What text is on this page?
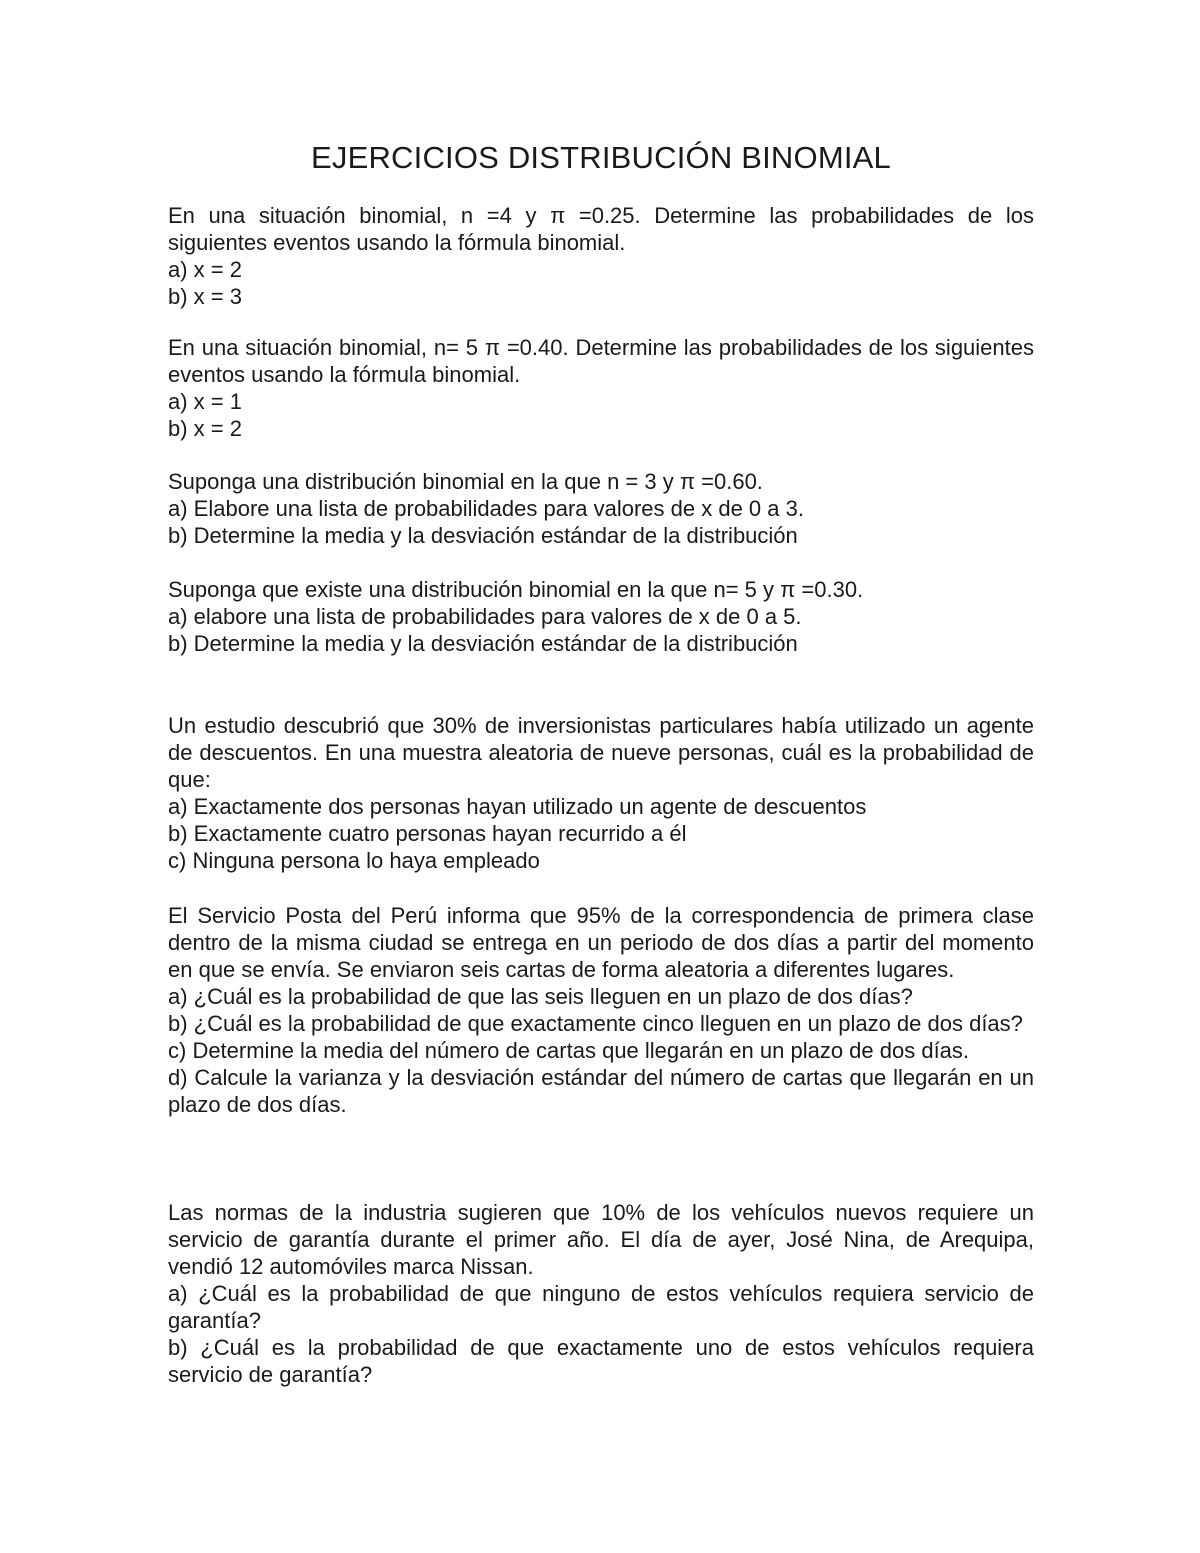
EJERCICIOS DISTRIBUCIÓN BINOMIAL

En una situación binomial, n =4 y π =0.25. Determine las probabilidades de los siguientes eventos usando la fórmula binomial.

a) x = 2

b) x = 3

En una situación binomial, n= 5 π =0.40. Determine las probabilidades de los siguientes eventos usando la fórmula binomial.

a) x = 1

b) x = 2

Suponga una distribución binomial en la que n = 3 y π =0.60.

a) Elabore una lista de probabilidades para valores de x de 0 a 3.

b) Determine la media y la desviación estándar de la distribución

Suponga que existe una distribución binomial en la que n= 5 y π =0.30.

a) elabore una lista de probabilidades para valores de x de 0 a 5.

b) Determine la media y la desviación estándar de la distribución

Un estudio descubrió que 30% de inversionistas particulares había utilizado un agente de descuentos. En una muestra aleatoria de nueve personas, cuál es la probabilidad de que:

a) Exactamente dos personas hayan utilizado un agente de descuentos

b) Exactamente cuatro personas hayan recurrido a él

c) Ninguna persona lo haya empleado

El Servicio Posta del Perú informa que 95% de la correspondencia de primera clase dentro de la misma ciudad se entrega en un periodo de dos días a partir del momento en que se envía. Se enviaron seis cartas de forma aleatoria a diferentes lugares.

a) ¿Cuál es la probabilidad de que las seis lleguen en un plazo de dos días?

b) ¿Cuál es la probabilidad de que exactamente cinco lleguen en un plazo de dos días?

c) Determine la media del número de cartas que llegarán en un plazo de dos días.

d) Calcule la varianza y la desviación estándar del número de cartas que llegarán en un plazo de dos días.

Las normas de la industria sugieren que 10% de los vehículos nuevos requiere un servicio de garantía durante el primer año. El día de ayer, José Nina, de Arequipa, vendió 12 automóviles marca Nissan.

a) ¿Cuál es la probabilidad de que ninguno de estos vehículos requiera servicio de garantía?

b) ¿Cuál es la probabilidad de que exactamente uno de estos vehículos requiera servicio de garantía?
